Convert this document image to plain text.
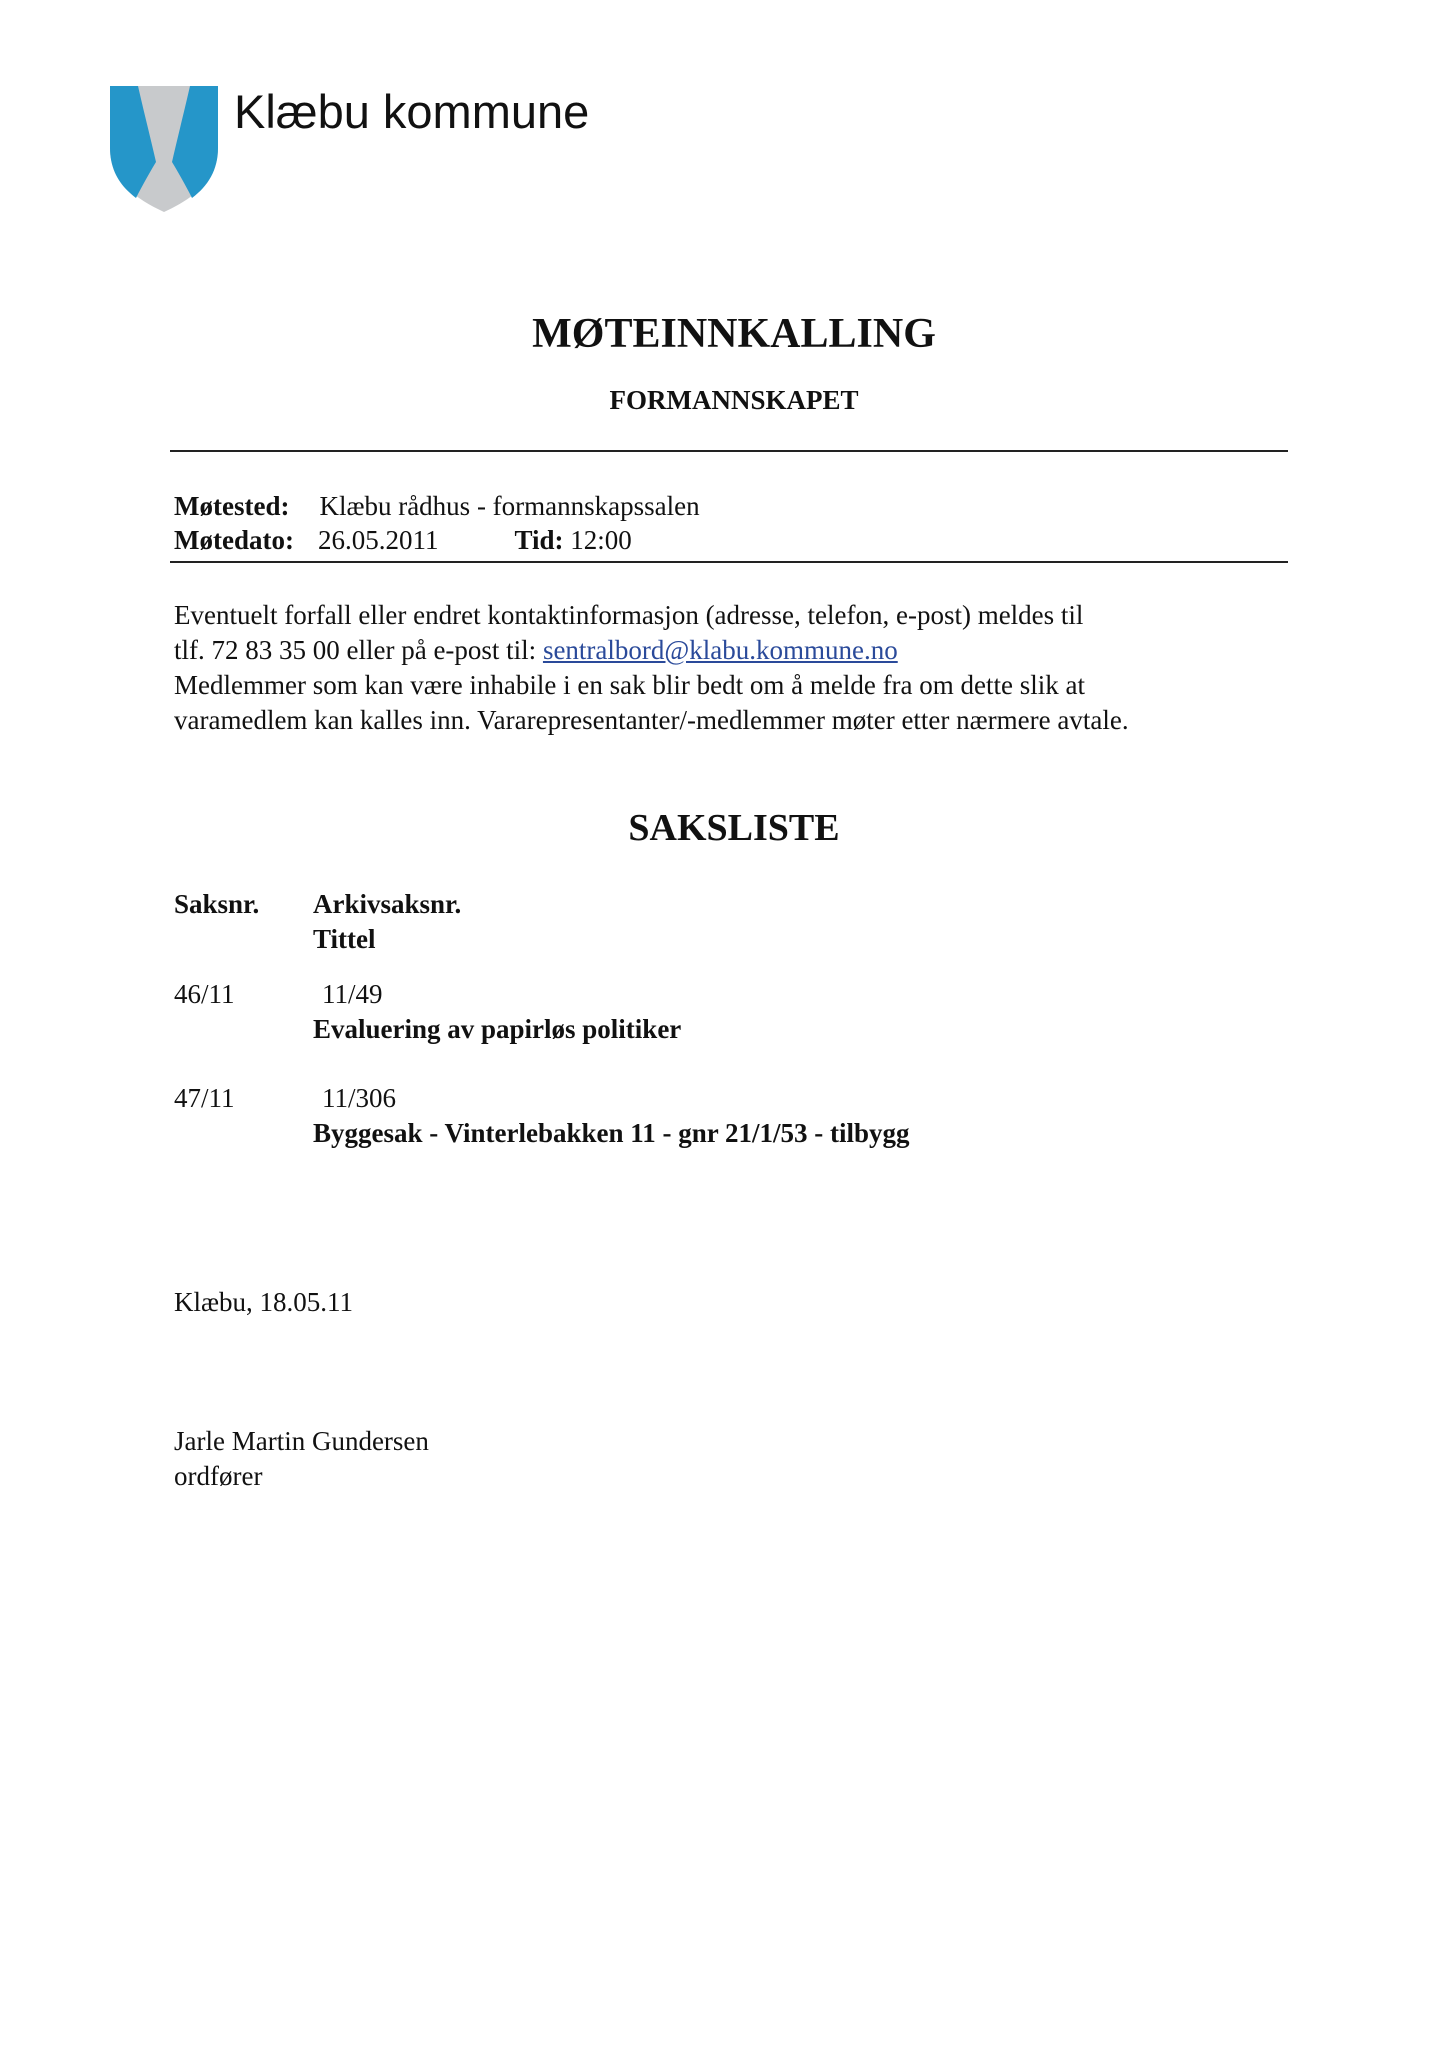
Klæbu kommune
MØTEINNKALLING
FORMANNSKAPET
Møtested: Klæbu rådhus - formannskapssalen
Møtedato: 26.05.2011	Tid: 12:00
Eventuelt forfall eller endret kontaktinformasjon (adresse, telefon, e-post) meldes til
tlf. 72 83 35 00 eller på e-post til: sentralbord@klabu.kommune.no
Medlemmer som kan være inhabile i en sak blir bedt om å melde fra om dette slik at
varamedlem kan kalles inn. Vararepresentanter/-medlemmer møter etter nærmere avtale.
SAKSLISTE
Saksnr. Arkivsaksnr.
Tittel
46/11	11/49
Evaluering av papirløs politiker
47/11	11/306
Byggesak - Vinterlebakken 11 - gnr 21/1/53 - tilbygg
Klæbu, 18.05.11
Jarle Martin Gundersen
ordfører
